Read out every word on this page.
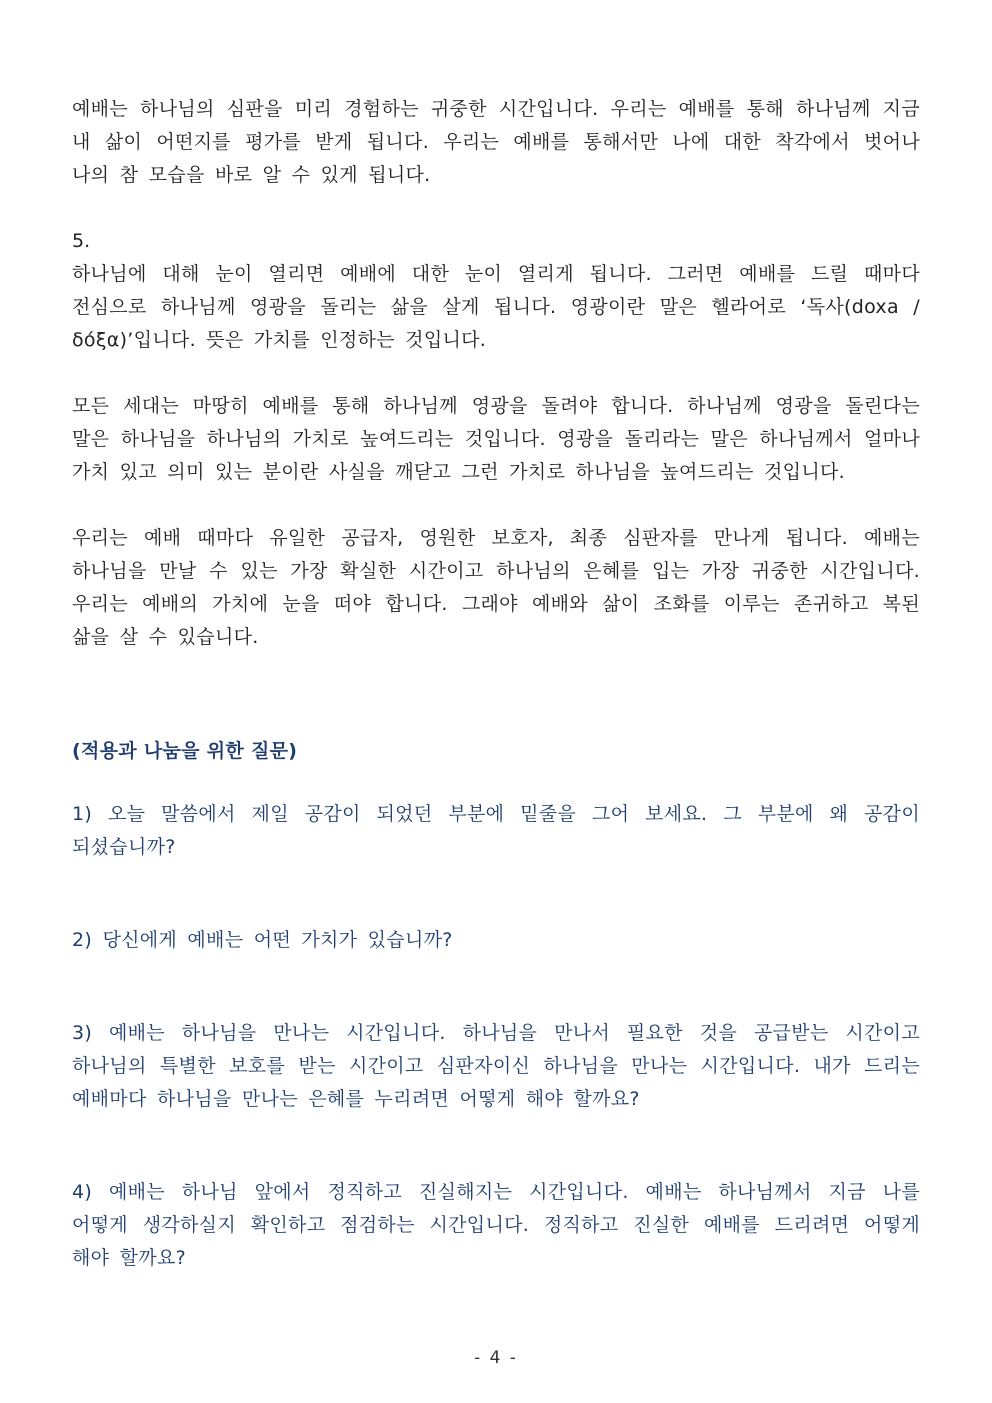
예배는 하나님의 심판을 미리 경험하는 귀중한 시간입니다. 우리는 예배를 통해 하나님께 지금 내 삶이 어떤지를 평가를 받게 됩니다. 우리는 예배를 통해서만 나에 대한 착각에서 벗어나 나의 참 모습을 바로 알 수 있게 됩니다.

5.

하나님에 대해 눈이 열리면 예배에 대한 눈이 열리게 됩니다. 그러면 예배를 드릴 때마다 전심으로 하나님께 영광을 돌리는 삶을 살게 됩니다. 영광이란 말은 헬라어로 ‘독사(doxa / δόξα)’입니다. 뜻은 가치를 인정하는 것입니다.

모든 세대는 마땅히 예배를 통해 하나님께 영광을 돌려야 합니다. 하나님께 영광을 돌린다는 말은 하나님을 하나님의 가치로 높여드리는 것입니다. 영광을 돌리라는 말은 하나님께서 얼마나 가치 있고 의미 있는 분이란 사실을 깨닫고 그런 가치로 하나님을 높여드리는 것입니다.

우리는 예배 때마다 유일한 공급자, 영원한 보호자, 최종 심판자를 만나게 됩니다. 예배는 하나님을 만날 수 있는 가장 확실한 시간이고 하나님의 은혜를 입는 가장 귀중한 시간입니다. 우리는 예배의 가치에 눈을 떠야 합니다. 그래야 예배와 삶이 조화를 이루는 존귀하고 복된 삶을 살 수 있습니다.

(적용과 나눔을 위한 질문)

1) 오늘 말씀에서 제일 공감이 되었던 부분에 밑줄을 그어 보세요. 그 부분에 왜 공감이 되셨습니까?

2) 당신에게 예배는 어떤 가치가 있습니까?

3) 예배는 하나님을 만나는 시간입니다. 하나님을 만나서 필요한 것을 공급받는 시간이고 하나님의 특별한 보호를 받는 시간이고 심판자이신 하나님을 만나는 시간입니다. 내가 드리는 예배마다 하나님을 만나는 은혜를 누리려면 어떻게 해야 할까요?

4) 예배는 하나님 앞에서 정직하고 진실해지는 시간입니다. 예배는 하나님께서 지금 나를 어떻게 생각하실지 확인하고 점검하는 시간입니다. 정직하고 진실한 예배를 드리려면 어떻게 해야 할까요?

- 4 -
